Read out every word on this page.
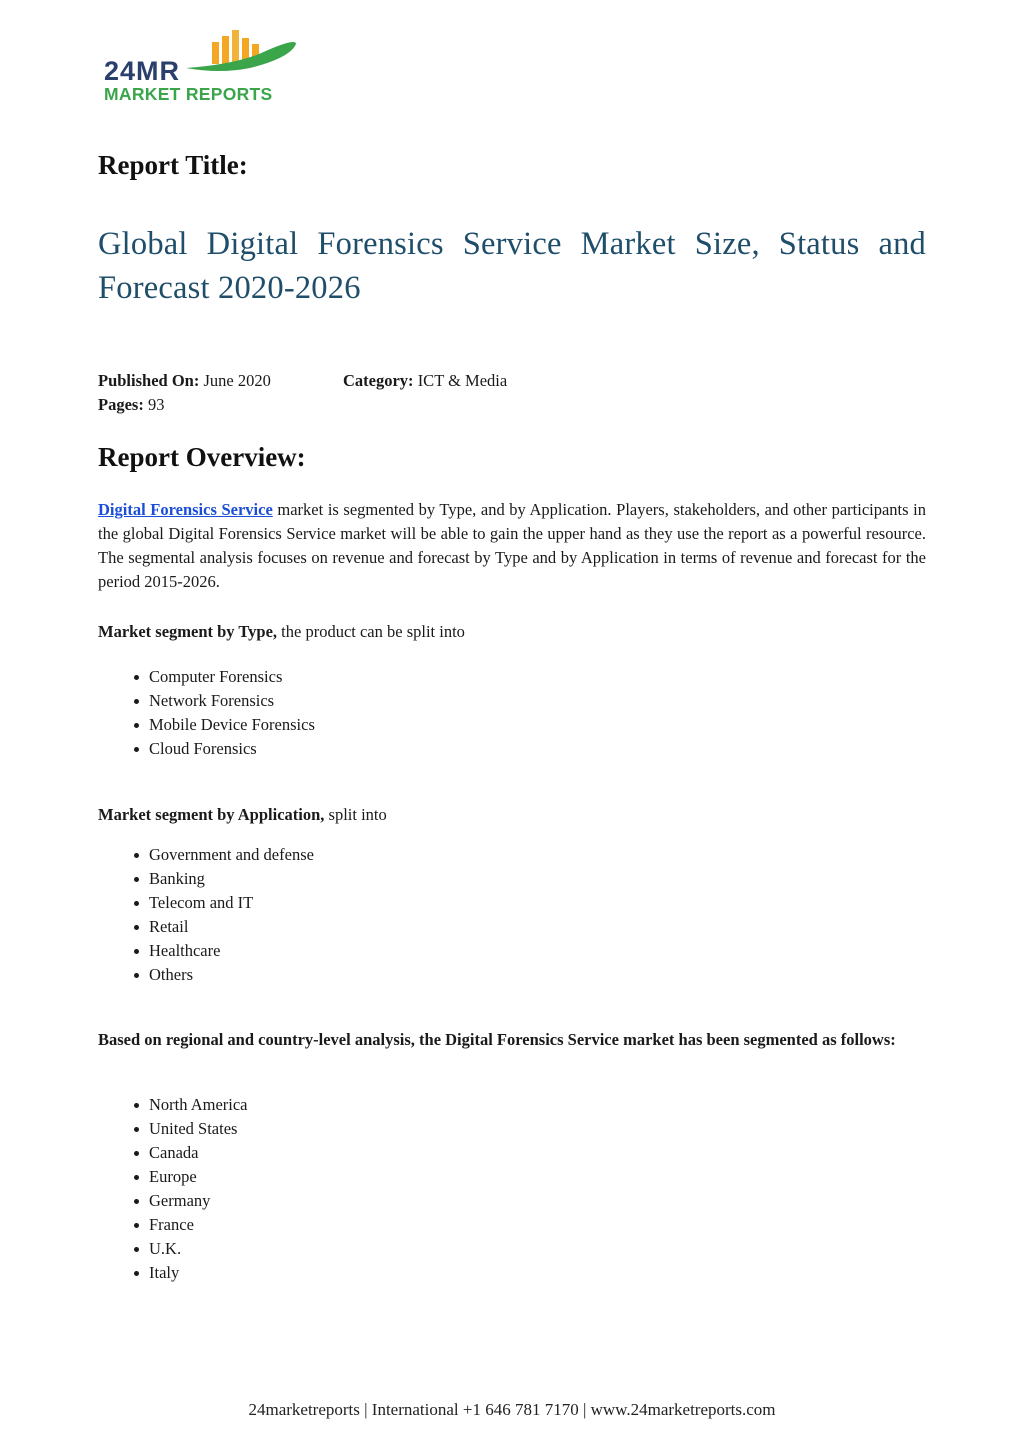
24MR
MARKET REPORTS
Report Title:
Global Digital Forensics Service Market Size, Status and Forecast 2020-2026
Published On: June 2020	Category: ICT & Media
Pages: 93
Report Overview:

Digital Forensics Service market is segmented by Type, and by Application. Players, stakeholders, and other participants in the global Digital Forensics Service market will be able to gain the upper hand as they use the report as a powerful resource. The segmental analysis focuses on revenue and forecast by Type and by Application in terms of revenue and forecast for the period 2015-2026.

Market segment by Type, the product can be split into

Computer Forensics
Network Forensics
Mobile Device Forensics
Cloud Forensics

Market segment by Application, split into

Government and defense
Banking
Telecom and IT
Retail
Healthcare
Others

Based on regional and country-level analysis, the Digital Forensics Service market has been segmented as follows:

North America
United States
Canada
Europe
Germany
France
U.K.
Italy
24marketreports | International +1 646 781 7170 | www.24marketreports.com
